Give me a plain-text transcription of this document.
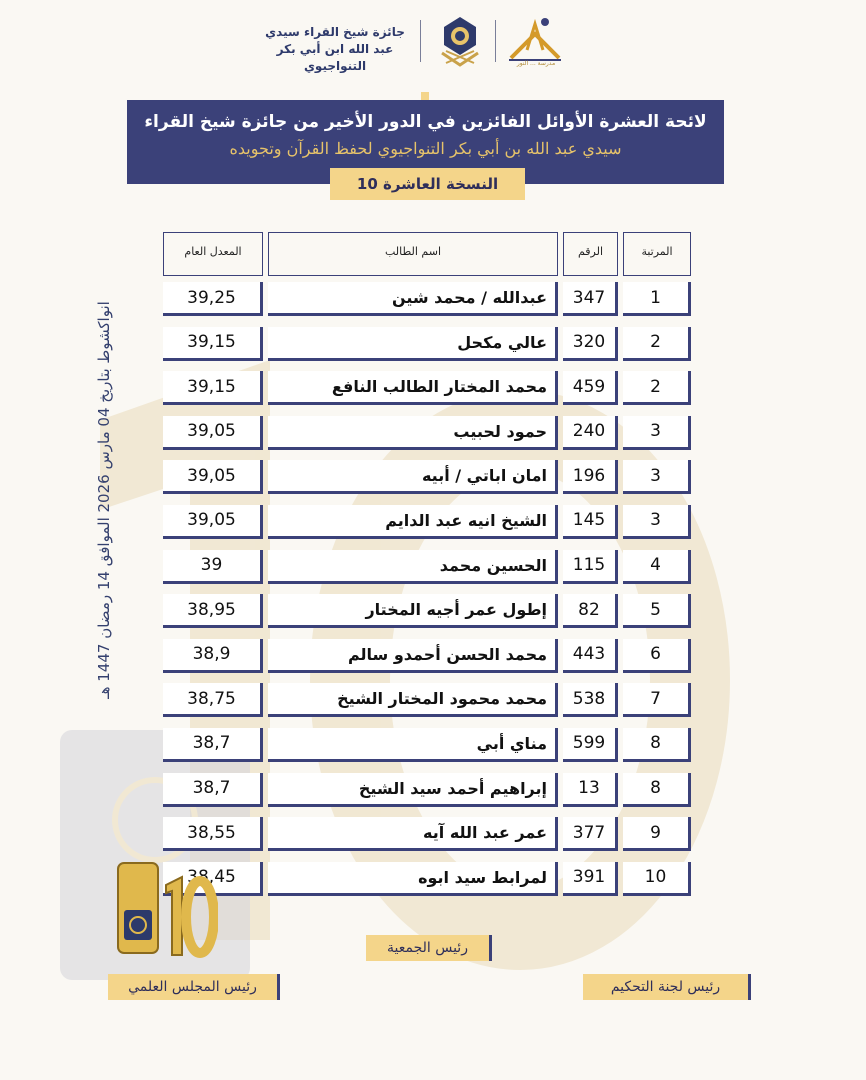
جائزة شيخ القراء سيدي عبد الله ابن أبي بكر التنواجيوي	مدرسة ... النور
لائحة العشرة الأوائل الفائزين في الدور الأخير من جائزة شيخ القراء
سيدي عبد الله بن أبي بكر التنواجيوي لحفظ القرآن وتجويده
النسخة العاشرة 10
انواكشوط بتاريخ 04 مارس 2026 الموافق 14 رمضان 1447 هـ
المرتبة
الرقم
اسم الطالب
المعدل العام
1
347
عبدالله / محمد شين
39,25
2
320
عالي مكحل
39,15
2
459
محمد المختار الطالب النافع
39,15
3
240
حمود لحبيب
39,05
3
196
امان اباتي / أبيه
39,05
3
145
الشيخ انيه عبد الدايم
39,05
4
115
الحسين محمد
39
5
82
إطول عمر أجيه المختار
38,95
6
443
محمد الحسن أحمدو سالم
38,9
7
538
محمد محمود المختار الشيخ
38,75
8
599
مناي أبي
38,7
8
13
إبراهيم أحمد سيد الشيخ
38,7
9
377
عمر عبد الله آيه
38,55
10
391
لمرابط سيد ابوه
38,45
رئيس الجمعية
رئيس المجلس العلمي	رئيس لجنة التحكيم
